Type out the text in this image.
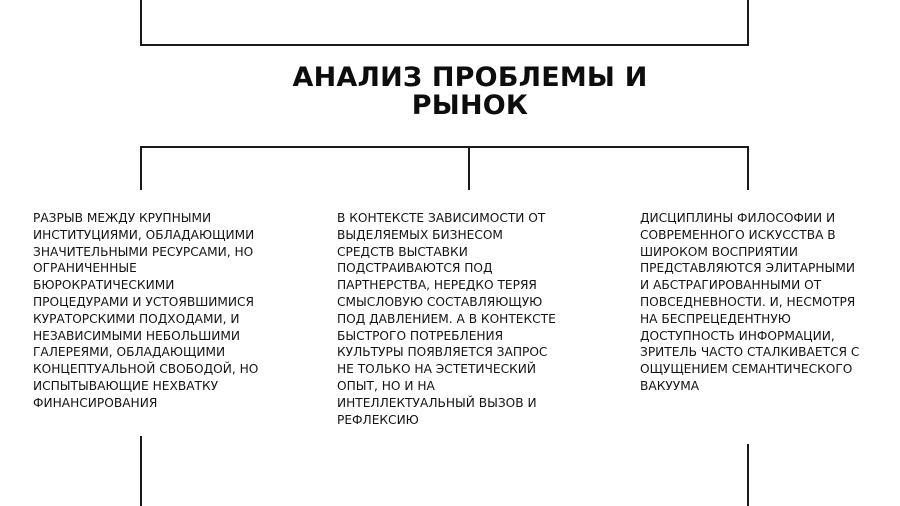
АНАЛИЗ ПРОБЛЕМЫ И
РЫНОК

РАЗРЫВ МЕЖДУ КРУПНЫМИ
ИНСТИТУЦИЯМИ, ОБЛАДАЮЩИМИ
ЗНАЧИТЕЛЬНЫМИ РЕСУРСАМИ, НО
ОГРАНИЧЕННЫЕ
БЮРОКРАТИЧЕСКИМИ
ПРОЦЕДУРАМИ И УСТОЯВШИМИСЯ
КУРАТОРСКИМИ ПОДХОДАМИ, И
НЕЗАВИСИМЫМИ НЕБОЛЬШИМИ
ГАЛЕРЕЯМИ, ОБЛАДАЮЩИМИ
КОНЦЕПТУАЛЬНОЙ СВОБОДОЙ, НО
ИСПЫТЫВАЮЩИЕ НЕХВАТКУ
ФИНАНСИРОВАНИЯ

В КОНТЕКСТЕ ЗАВИСИМОСТИ ОТ
ВЫДЕЛЯЕМЫХ БИЗНЕСОМ
СРЕДСТВ ВЫСТАВКИ
ПОДСТРАИВАЮТСЯ ПОД
ПАРТНЕРСТВА, НЕРЕДКО ТЕРЯЯ
СМЫСЛОВУЮ СОСТАВЛЯЮЩУЮ
ПОД ДАВЛЕНИЕМ. А В КОНТЕКСТЕ
БЫСТРОГО ПОТРЕБЛЕНИЯ
КУЛЬТУРЫ ПОЯВЛЯЕТСЯ ЗАПРОС
НЕ ТОЛЬКО НА ЭСТЕТИЧЕСКИЙ
ОПЫТ, НО И НА
ИНТЕЛЛЕКТУАЛЬНЫЙ ВЫЗОВ И
РЕФЛЕКСИЮ

ДИСЦИПЛИНЫ ФИЛОСОФИИ И
СОВРЕМЕННОГО ИСКУССТВА В
ШИРОКОМ ВОСПРИЯТИИ
ПРЕДСТАВЛЯЮТСЯ ЭЛИТАРНЫМИ
И АБСТРАГИРОВАННЫМИ ОТ
ПОВСЕДНЕВНОСТИ. И, НЕСМОТРЯ
НА БЕСПРЕЦЕДЕНТНУЮ
ДОСТУПНОСТЬ ИНФОРМАЦИИ,
ЗРИТЕЛЬ ЧАСТО СТАЛКИВАЕТСЯ С
ОЩУЩЕНИЕМ СЕМАНТИЧЕСКОГО
ВАКУУМА
